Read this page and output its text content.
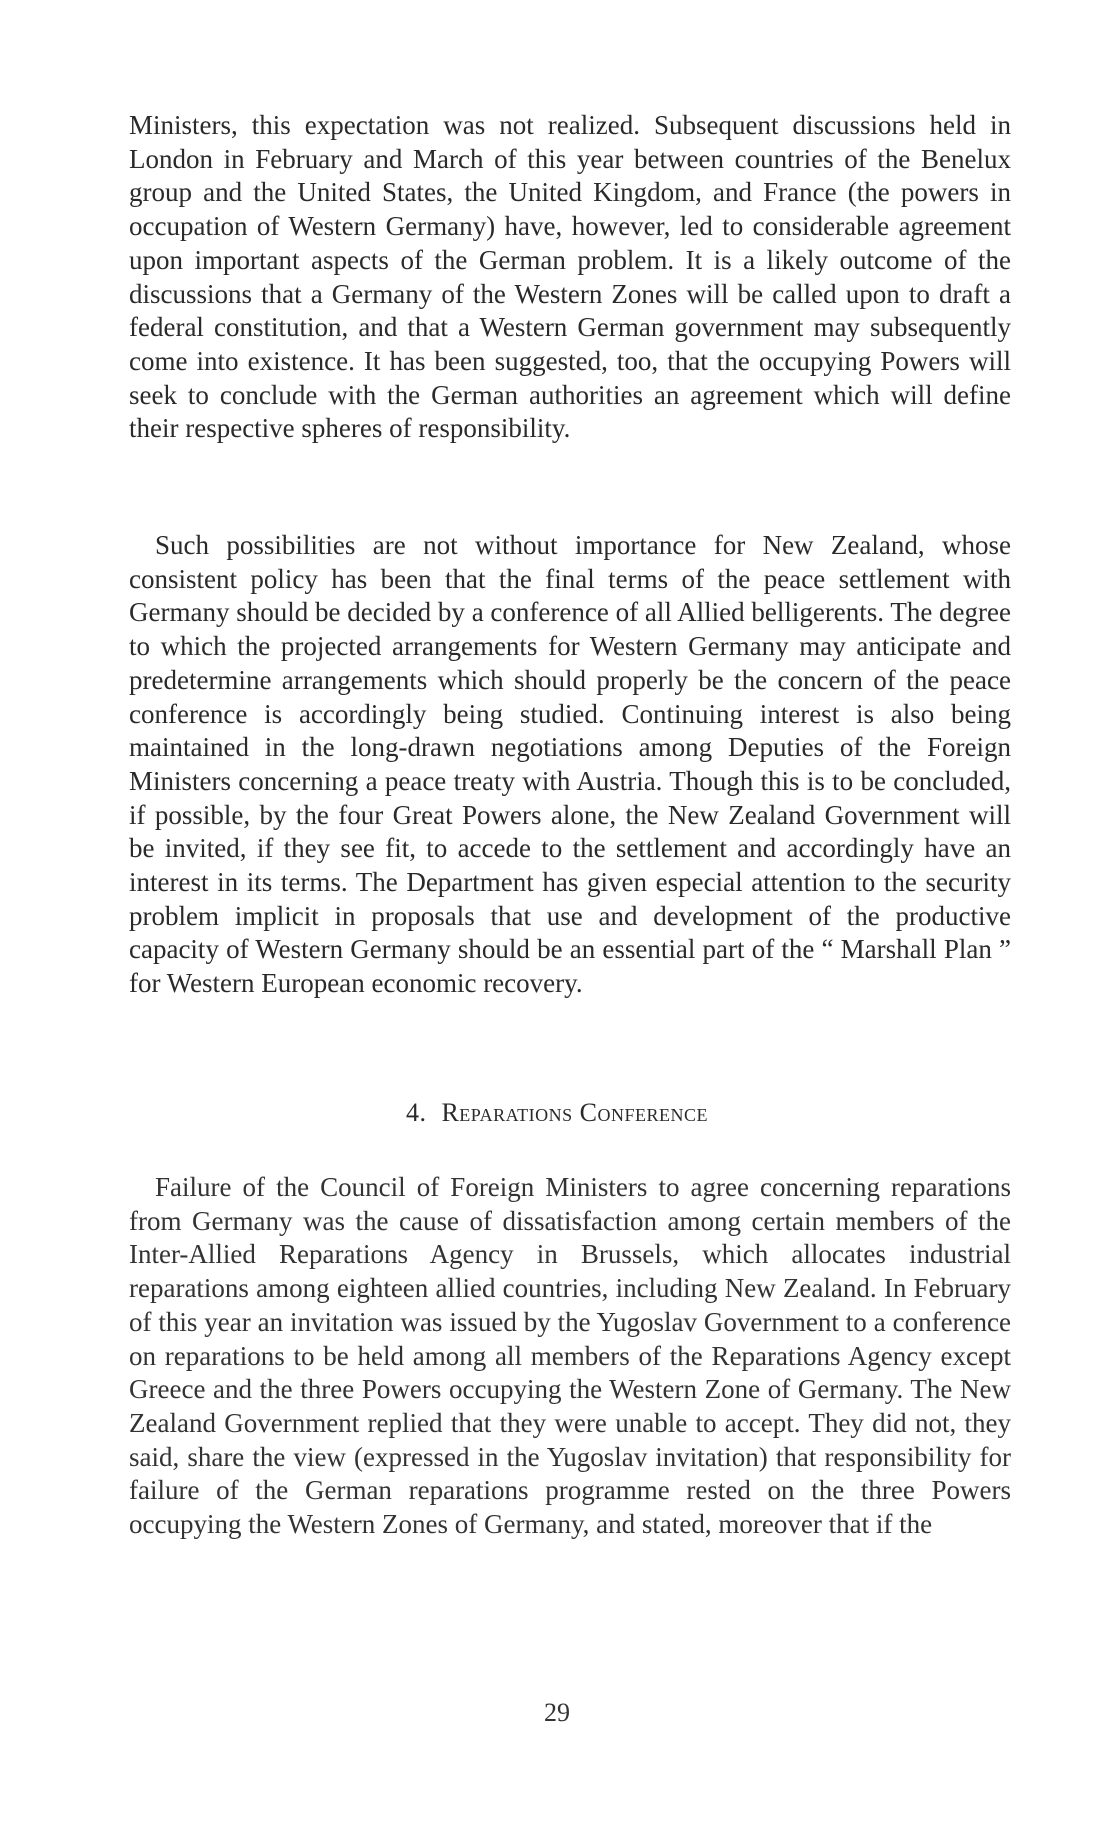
Ministers, this expectation was not realized. Subsequent discussions held in London in February and March of this year between countries of the Benelux group and the United States, the United Kingdom, and France (the powers in occupation of Western Germany) have, however, led to considerable agreement upon important aspects of the German problem. It is a likely outcome of the discussions that a Germany of the Western Zones will be called upon to draft a federal constitution, and that a Western German government may subsequently come into existence. It has been suggested, too, that the occupying Powers will seek to conclude with the German authorities an agreement which will define their respective spheres of responsibility.

Such possibilities are not without importance for New Zealand, whose consistent policy has been that the final terms of the peace settlement with Germany should be decided by a conference of all Allied belligerents. The degree to which the projected arrangements for Western Germany may anticipate and predetermine arrangements which should properly be the concern of the peace conference is accordingly being studied. Continuing interest is also being maintained in the long-drawn negotiations among Deputies of the Foreign Ministers concerning a peace treaty with Austria. Though this is to be concluded, if possible, by the four Great Powers alone, the New Zealand Government will be invited, if they see fit, to accede to the settlement and accordingly have an interest in its terms. The Department has given especial attention to the security problem implicit in proposals that use and development of the productive capacity of Western Germany should be an essential part of the “ Marshall Plan ” for Western European economic recovery.

4. Reparations Conference

Failure of the Council of Foreign Ministers to agree concerning reparations from Germany was the cause of dissatisfaction among certain members of the Inter-Allied Reparations Agency in Brussels, which allocates industrial reparations among eighteen allied countries, including New Zealand. In February of this year an invitation was issued by the Yugoslav Government to a conference on reparations to be held among all members of the Reparations Agency except Greece and the three Powers occupying the Western Zone of Germany. The New Zealand Government replied that they were unable to accept. They did not, they said, share the view (expressed in the Yugoslav invitation) that responsibility for failure of the German reparations programme rested on the three Powers occupying the Western Zones of Germany, and stated, moreover that if the

29
